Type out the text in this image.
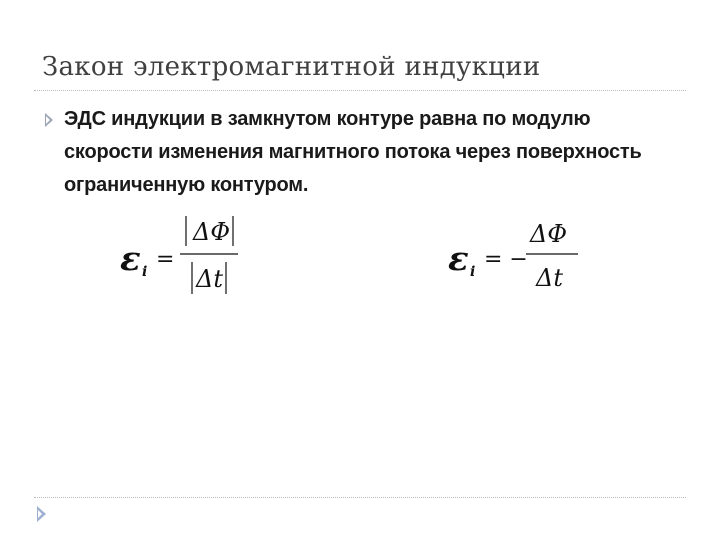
Закон электромагнитной индукции
ЭДС индукции в замкнутом контуре равна по модулю скорости изменения магнитного потока через поверхность ограниченную контуром.
ε i =
ΔΦ
Δt	ε i = −
ΔΦ
Δt
